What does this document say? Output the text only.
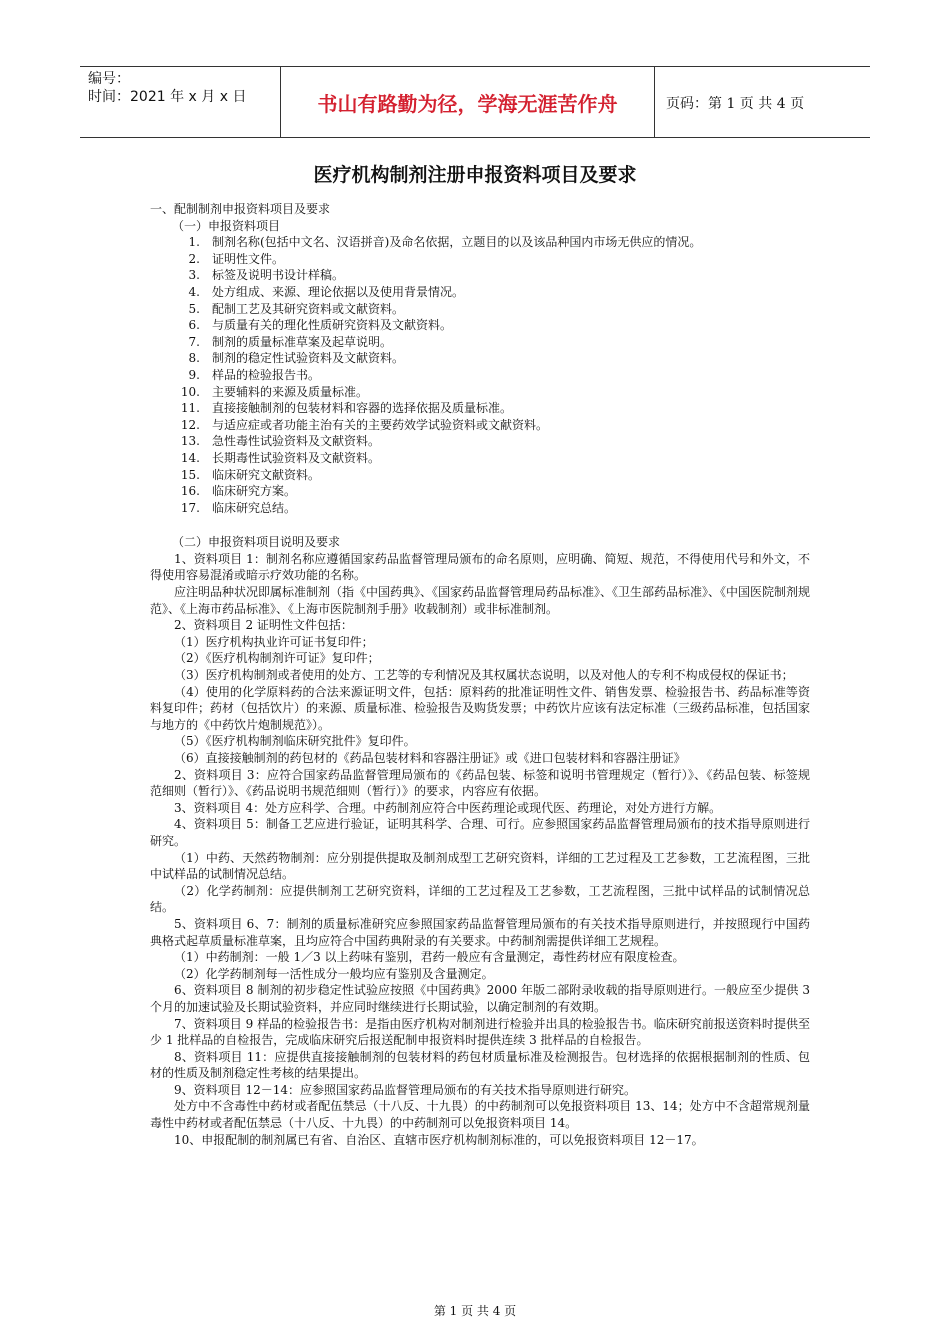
编号：
时间：2021 年 x 月 x 日	书山有路勤为径，学海无涯苦作舟	页码：第 1 页 共 4 页
医疗机构制剂注册申报资料项目及要求

一、配制制剂申报资料项目及要求

（一）申报资料项目

1.	制剂名称(包括中文名、汉语拼音)及命名依据，立题目的以及该品种国内市场无供应的情况。
2.	证明性文件。
3.	标签及说明书设计样稿。
4.	处方组成、来源、理论依据以及使用背景情况。
5.	配制工艺及其研究资料或文献资料。
6.	与质量有关的理化性质研究资料及文献资料。
7.	制剂的质量标准草案及起草说明。
8.	制剂的稳定性试验资料及文献资料。
9.	样品的检验报告书。
10.	主要辅料的来源及质量标准。
11.	直接接触制剂的包装材料和容器的选择依据及质量标准。
12.	与适应症或者功能主治有关的主要药效学试验资料或文献资料。
13.	急性毒性试验资料及文献资料。
14.	长期毒性试验资料及文献资料。
15.	临床研究文献资料。
16.	临床研究方案。
17.	临床研究总结。

（二）申报资料项目说明及要求

1、资料项目 1：制剂名称应遵循国家药品监督管理局颁布的命名原则，应明确、简短、规范，不得使用代号和外文，不得使用容易混淆或暗示疗效功能的名称。

应注明品种状况即属标准制剂（指《中国药典》、《国家药品监督管理局药品标准》、《卫生部药品标准》、《中国医院制剂规范》、《上海市药品标准》、《上海市医院制剂手册》收载制剂）或非标准制剂。

2、资料项目 2 证明性文件包括：

（1）医疗机构执业许可证书复印件；

（2）《医疗机构制剂许可证》复印件；

（3）医疗机构制剂或者使用的处方、工艺等的专利情况及其权属状态说明，以及对他人的专利不构成侵权的保证书；

（4）使用的化学原料药的合法来源证明文件，包括：原料药的批准证明性文件、销售发票、检验报告书、药品标准等资料复印件；药材（包括饮片）的来源、质量标准、检验报告及购货发票；中药饮片应该有法定标准（三级药品标准，包括国家与地方的《中药饮片炮制规范》）。

（5）《医疗机构制剂临床研究批件》复印件。

（6）直接接触制剂的药包材的《药品包装材料和容器注册证》或《进口包装材料和容器注册证》

2、资料项目 3：应符合国家药品监督管理局颁布的《药品包装、标签和说明书管理规定（暂行）》、《药品包装、标签规范细则（暂行）》、《药品说明书规范细则（暂行）》的要求，内容应有依据。

3、资料项目 4：处方应科学、合理。中药制剂应符合中医药理论或现代医、药理论，对处方进行方解。

4、资料项目 5：制备工艺应进行验证，证明其科学、合理、可行。应参照国家药品监督管理局颁布的技术指导原则进行研究。

（1）中药、天然药物制剂：应分别提供提取及制剂成型工艺研究资料，详细的工艺过程及工艺参数，工艺流程图，三批中试样品的试制情况总结。

（2）化学药制剂：应提供制剂工艺研究资料，详细的工艺过程及工艺参数，工艺流程图，三批中试样品的试制情况总结。

5、资料项目 6、7：制剂的质量标准研究应参照国家药品监督管理局颁布的有关技术指导原则进行，并按照现行中国药典格式起草质量标准草案，且均应符合中国药典附录的有关要求。中药制剂需提供详细工艺规程。

（1）中药制剂：一般 1／3 以上药味有鉴别，君药一般应有含量测定，毒性药材应有限度检查。

（2）化学药制剂每一活性成分一般均应有鉴别及含量测定。

6、资料项目 8 制剂的初步稳定性试验应按照《中国药典》2000 年版二部附录收载的指导原则进行。一般应至少提供 3 个月的加速试验及长期试验资料，并应同时继续进行长期试验，以确定制剂的有效期。

7、资料项目 9 样品的检验报告书：是指由医疗机构对制剂进行检验并出具的检验报告书。临床研究前报送资料时提供至少 1 批样品的自检报告，完成临床研究后报送配制申报资料时提供连续 3 批样品的自检报告。

8、资料项目 11：应提供直接接触制剂的包装材料的药包材质量标准及检测报告。包材选择的依据根据制剂的性质、包材的性质及制剂稳定性考核的结果提出。

9、资料项目 12－14：应参照国家药品监督管理局颁布的有关技术指导原则进行研究。

处方中不含毒性中药材或者配伍禁忌（十八反、十九畏）的中药制剂可以免报资料项目 13、14；处方中不含超常规剂量毒性中药材或者配伍禁忌（十八反、十九畏）的中药制剂可以免报资料项目 14。

10、申报配制的制剂属已有省、自治区、直辖市医疗机构制剂标准的，可以免报资料项目 12－17。

第 1 页 共 4 页
